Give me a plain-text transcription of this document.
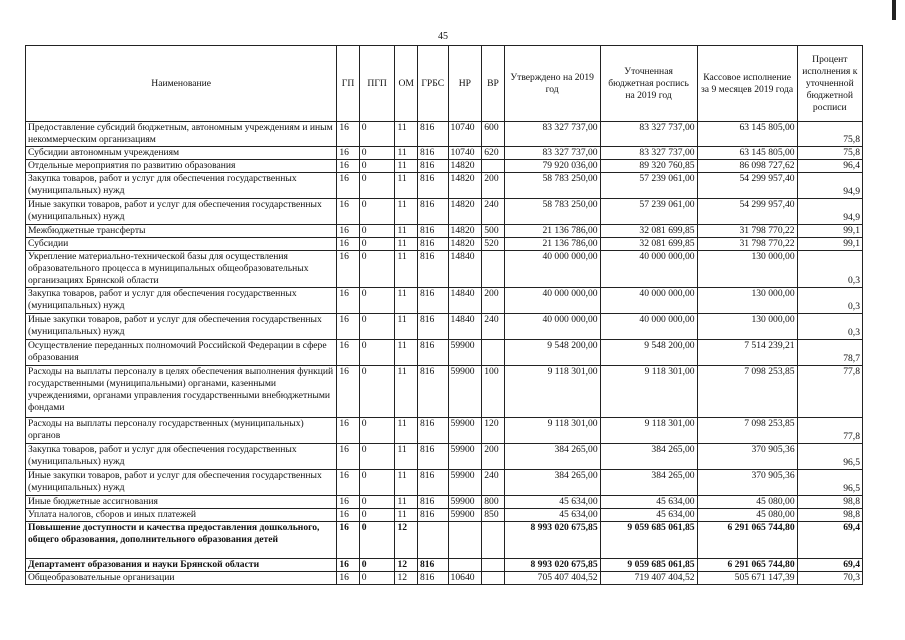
45
Наименование	ГП	ПГП	ОМ	ГРБС	НР	ВР	Утверждено на 2019 год	Уточненная бюджетная роспись на 2019 год	Кассовое исполнение за 9 месяцев 2019 года	Процент исполнения к уточненной бюджетной росписи
Предоставление субсидий бюджетным, автономным учреждениям и иным некоммерческим организациям	16	0	11	816	10740	600	83 327 737,00	83 327 737,00	63 145 805,00	75,8
Субсидии автономным учреждениям	16	0	11	816	10740	620	83 327 737,00	83 327 737,00	63 145 805,00	75,8
Отдельные мероприятия по развитию образования	16	0	11	816	14820		79 920 036,00	89 320 760,85	86 098 727,62	96,4
Закупка товаров, работ и услуг для обеспечения государственных (муниципальных) нужд	16	0	11	816	14820	200	58 783 250,00	57 239 061,00	54 299 957,40	94,9
Иные закупки товаров, работ и услуг для обеспечения государственных (муниципальных) нужд	16	0	11	816	14820	240	58 783 250,00	57 239 061,00	54 299 957,40	94,9
Межбюджетные трансферты	16	0	11	816	14820	500	21 136 786,00	32 081 699,85	31 798 770,22	99,1
Субсидии	16	0	11	816	14820	520	21 136 786,00	32 081 699,85	31 798 770,22	99,1
Укрепление материально-технической базы для осуществления образовательного процесса в муниципальных общеобразовательных организациях Брянской области	16	0	11	816	14840		40 000 000,00	40 000 000,00	130 000,00	0,3
Закупка товаров, работ и услуг для обеспечения государственных (муниципальных) нужд	16	0	11	816	14840	200	40 000 000,00	40 000 000,00	130 000,00	0,3
Иные закупки товаров, работ и услуг для обеспечения государственных (муниципальных) нужд	16	0	11	816	14840	240	40 000 000,00	40 000 000,00	130 000,00	0,3
Осуществление переданных полномочий Российской Федерации в сфере образования	16	0	11	816	59900		9 548 200,00	9 548 200,00	7 514 239,21	78,7
Расходы на выплаты персоналу в целях обеспечения выполнения функций государственными (муниципальными) органами, казенными учреждениями, органами управления государственными внебюджетными фондами	16	0	11	816	59900	100	9 118 301,00	9 118 301,00	7 098 253,85	77,8
Расходы на выплаты персоналу государственных (муниципальных) органов	16	0	11	816	59900	120	9 118 301,00	9 118 301,00	7 098 253,85	77,8
Закупка товаров, работ и услуг для обеспечения государственных (муниципальных) нужд	16	0	11	816	59900	200	384 265,00	384 265,00	370 905,36	96,5
Иные закупки товаров, работ и услуг для обеспечения государственных (муниципальных) нужд	16	0	11	816	59900	240	384 265,00	384 265,00	370 905,36	96,5
Иные бюджетные ассигнования	16	0	11	816	59900	800	45 634,00	45 634,00	45 080,00	98,8
Уплата налогов, сборов и иных платежей	16	0	11	816	59900	850	45 634,00	45 634,00	45 080,00	98,8
Повышение доступности и качества предоставления дошкольного, общего образования, дополнительного образования детей	16	0	12				8 993 020 675,85	9 059 685 061,85	6 291 065 744,80	69,4
Департамент образования и науки Брянской области	16	0	12	816			8 993 020 675,85	9 059 685 061,85	6 291 065 744,80	69,4
Общеобразовательные организации	16	0	12	816	10640		705 407 404,52	719 407 404,52	505 671 147,39	70,3
